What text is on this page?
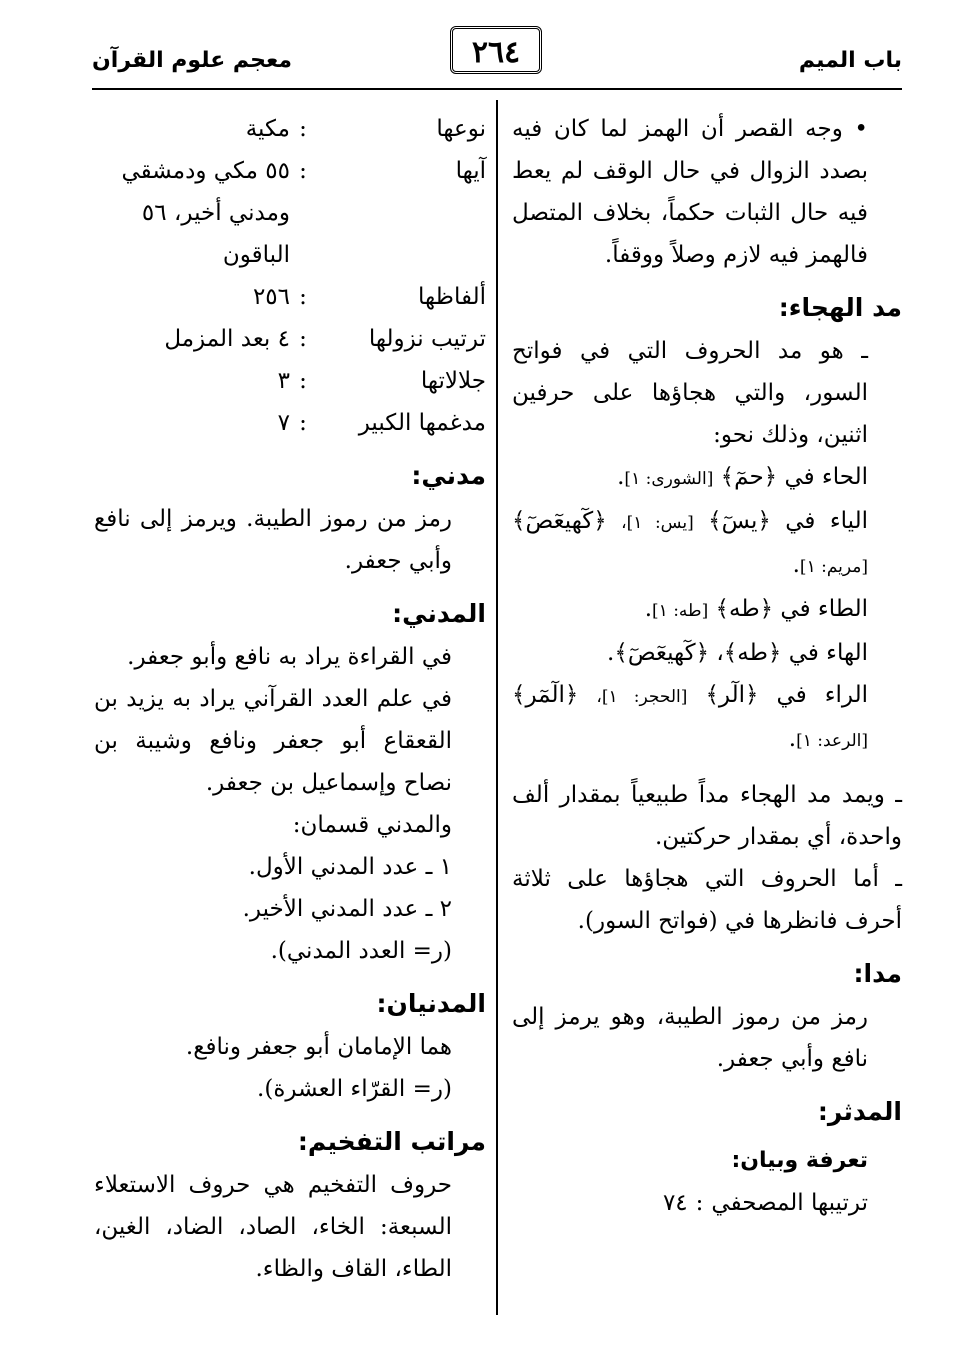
باب الميم
٢٦٤
معجم علوم القرآن

• وجه القصر أن الهمز لما كان فيه بصدد الزوال في حال الوقف لم يعط فيه حال الثبات حكماً، بخلاف المتصل فالهمز فيه لازم وصلاً ووقفاً.

مد الهجاء:

ـ هو مد الحروف التي في فواتح السور، والتي هجاؤها على حرفين اثنين، وذلك نحو:

الحاء في ﴿حمٓ﴾ [الشورى: ١].

الياء في ﴿يسٓ﴾ [يس: ١]، ﴿كٓهيعٓصٓ﴾ [مريم: ١].

الطاء في ﴿طه﴾ [طه: ١].

الهاء في ﴿طه﴾، ﴿كٓهيعٓصٓ﴾.

الراء في ﴿الٓر﴾ [الحجر: ١]، ﴿الٓمٓر﴾ [الرعد: ١].

ـ ويمد مد الهجاء مداً طبيعياً بمقدار ألف واحدة، أي بمقدار حركتين.

ـ أما الحروف التي هجاؤها على ثلاثة أحرف فانظرها في (فواتح السور).

مدا:

رمز من رموز الطيبة، وهو يرمز إلى نافع وأبي جعفر.

المدثر:
تعرفة وبيان:
ترتيبها المصحفي
:
٧٤
نوعها
:
مكية
آيها
:
٥٥ مكي ودمشقي ومدني أخير، ٥٦ الباقون
ألفاظها
:
٢٥٦
ترتيب نزولها
:
٤ بعد المزمل
جلالاتها
:
٣
مدغمها الكبير
:
٧
مدني:

رمز من رموز الطيبة. ويرمز إلى نافع وأبي جعفر.

المدني:

في القراءة يراد به نافع وأبو جعفر.

في علم العدد القرآني يراد به يزيد بن القعقاع أبو جعفر ونافع وشيبة بن نصاح وإسماعيل بن جعفر.

والمدني قسمان:

١ ـ عدد المدني الأول.

٢ ـ عدد المدني الأخير.

(ر= العدد المدني).

المدنيان:

هما الإمامان أبو جعفر ونافع.

(ر= القرّاء العشرة).

مراتب التفخيم:

حروف التفخيم هي حروف الاستعلاء السبعة: الخاء، الصاد، الضاد، الغين، الطاء، القاف والظاء.
